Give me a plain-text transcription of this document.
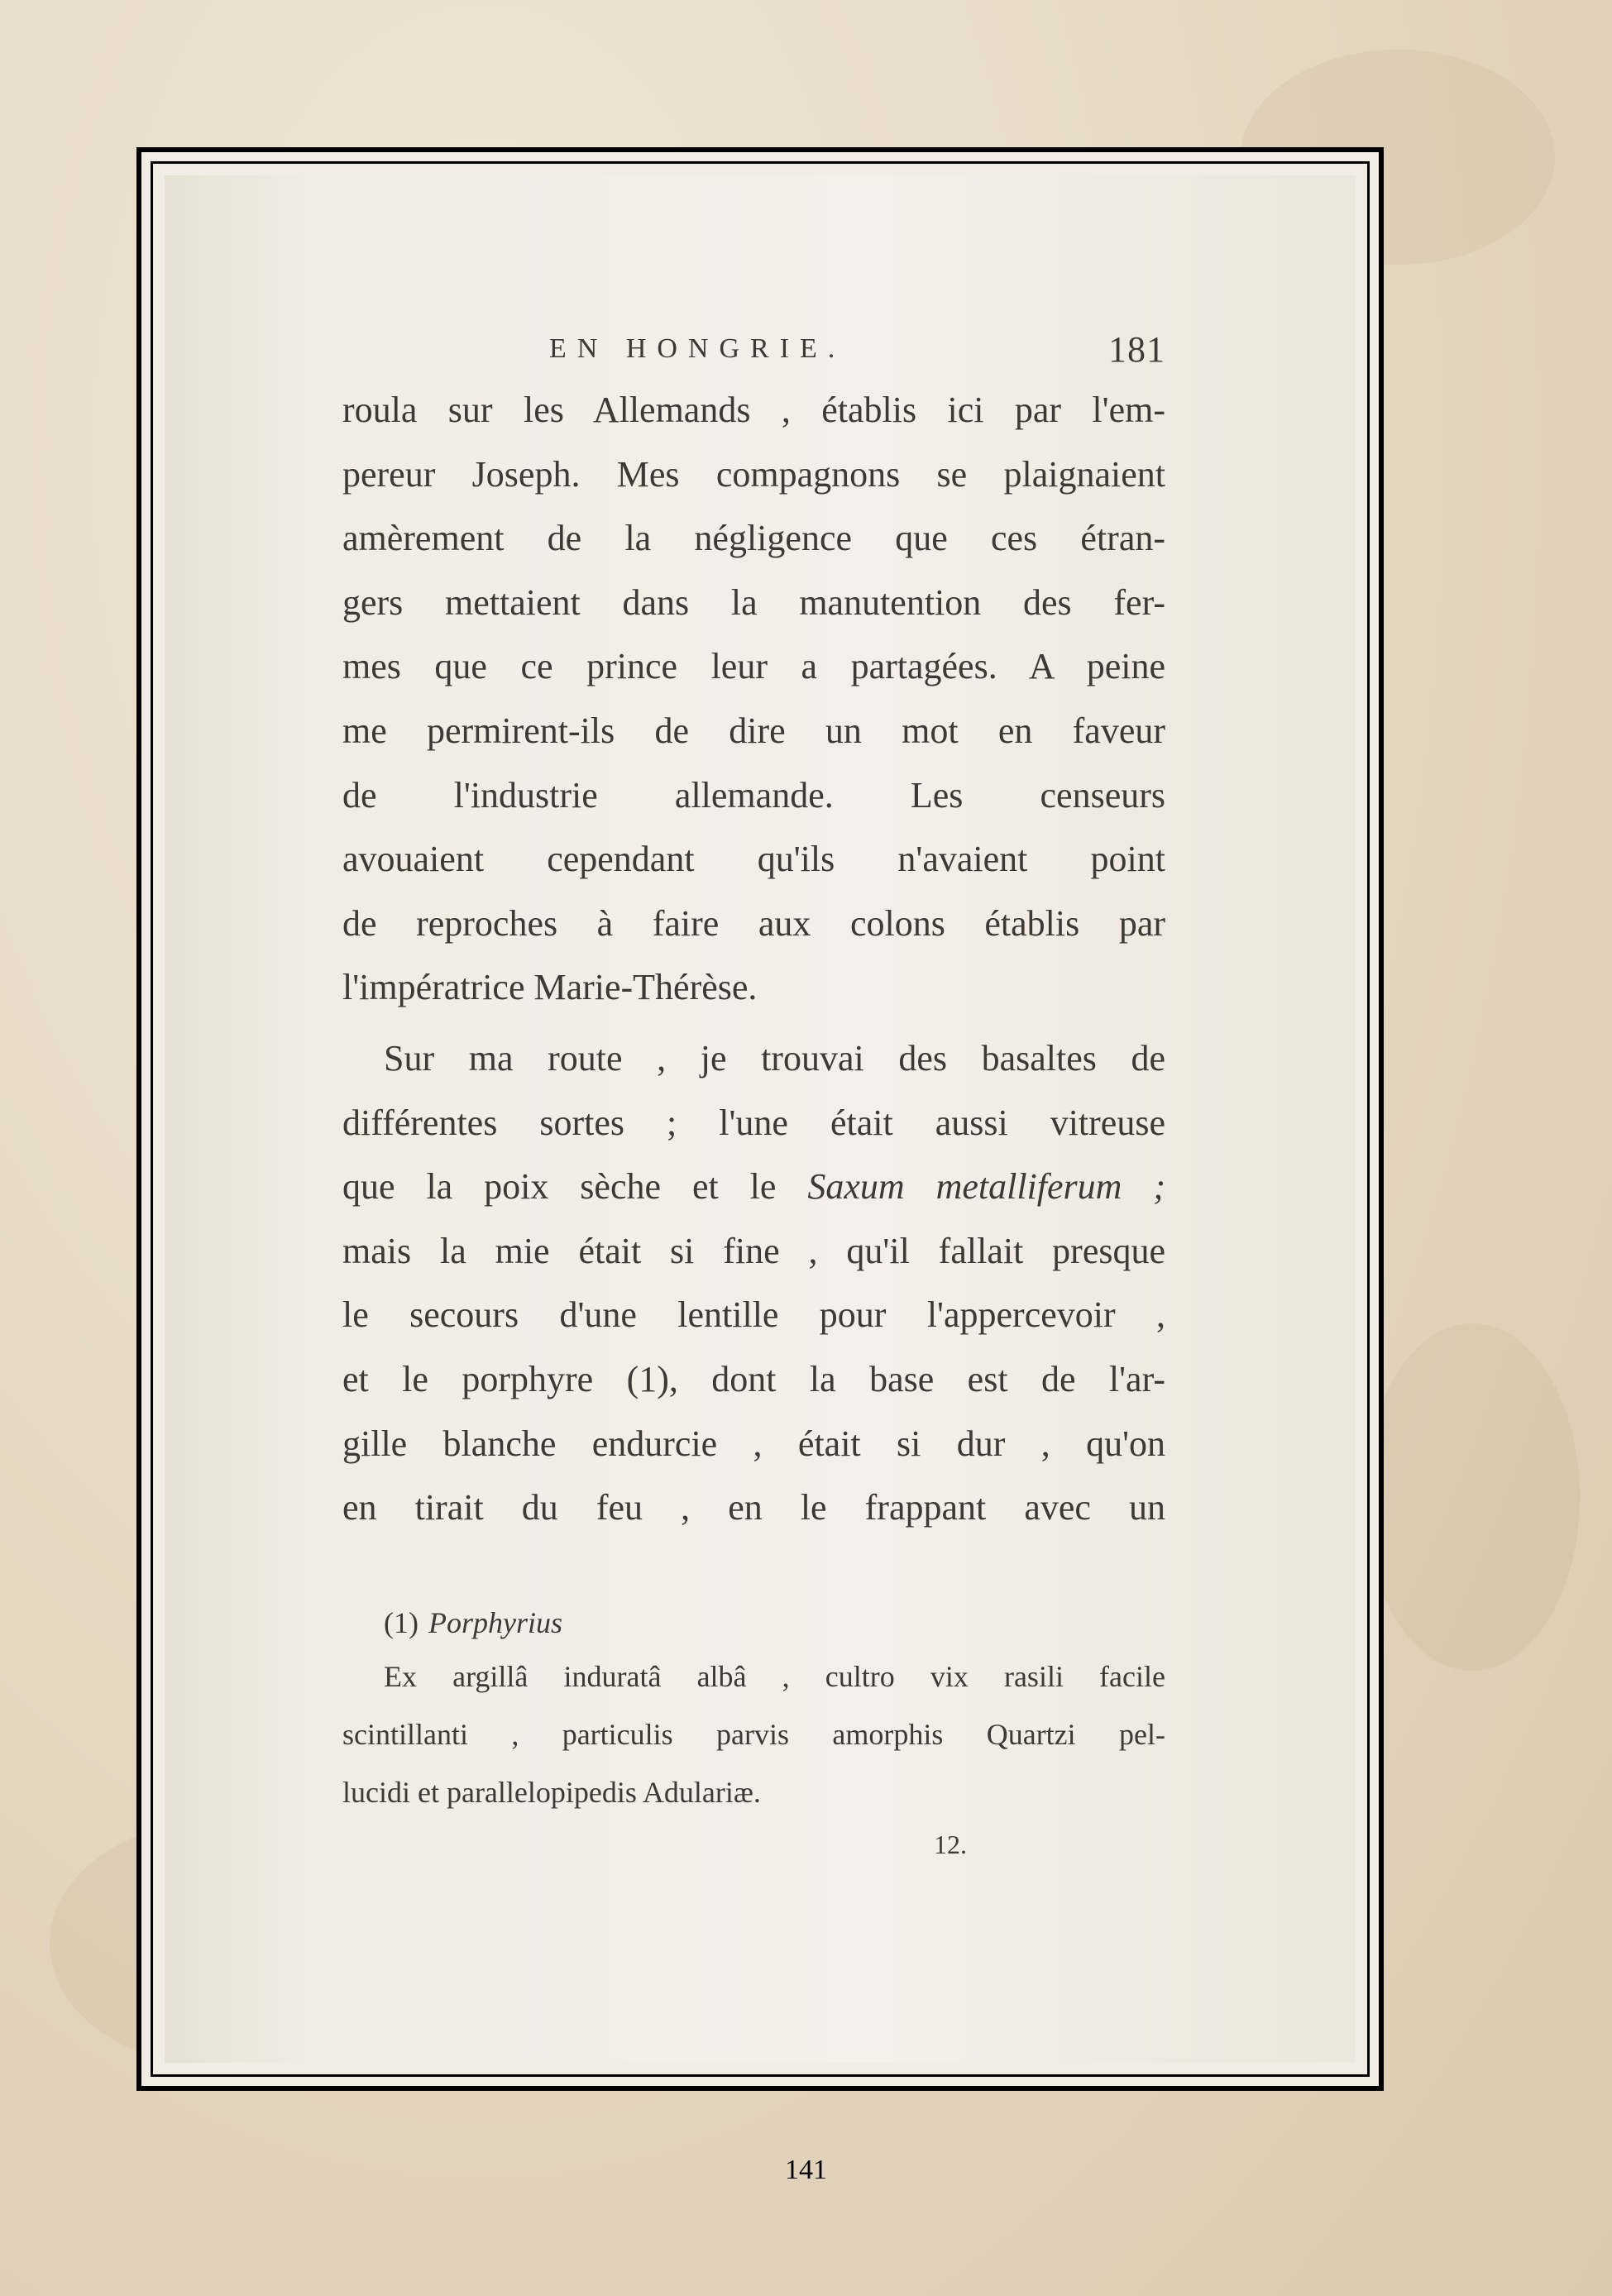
EN HONGRIE.	181
roula sur les Allemands , établis ici par l'em-
pereur Joseph. Mes compagnons se plaignaient
amèrement de la négligence que ces étran-
gers mettaient dans la manutention des fer-
mes que ce prince leur a partagées. A peine
me permirent-ils de dire un mot en faveur
de l'industrie allemande. Les censeurs
avouaient cependant qu'ils n'avaient point
de reproches à faire aux colons établis par
l'impératrice Marie-Thérèse.
Sur ma route , je trouvai des basaltes de
différentes sortes ; l'une était aussi vitreuse
que la poix sèche et le Saxum metalliferum ;
mais la mie était si fine , qu'il fallait presque
le secours d'une lentille pour l'appercevoir ,
et le porphyre (1), dont la base est de l'ar-
gille blanche endurcie , était si dur , qu'on
en tirait du feu , en le frappant avec un
(1) Porphyrius
Ex argillâ induratâ albâ , cultro vix rasili facile
scintillanti , particulis parvis amorphis Quartzi pel-
lucidi et parallelopipedis Adulariæ.
12.
141
